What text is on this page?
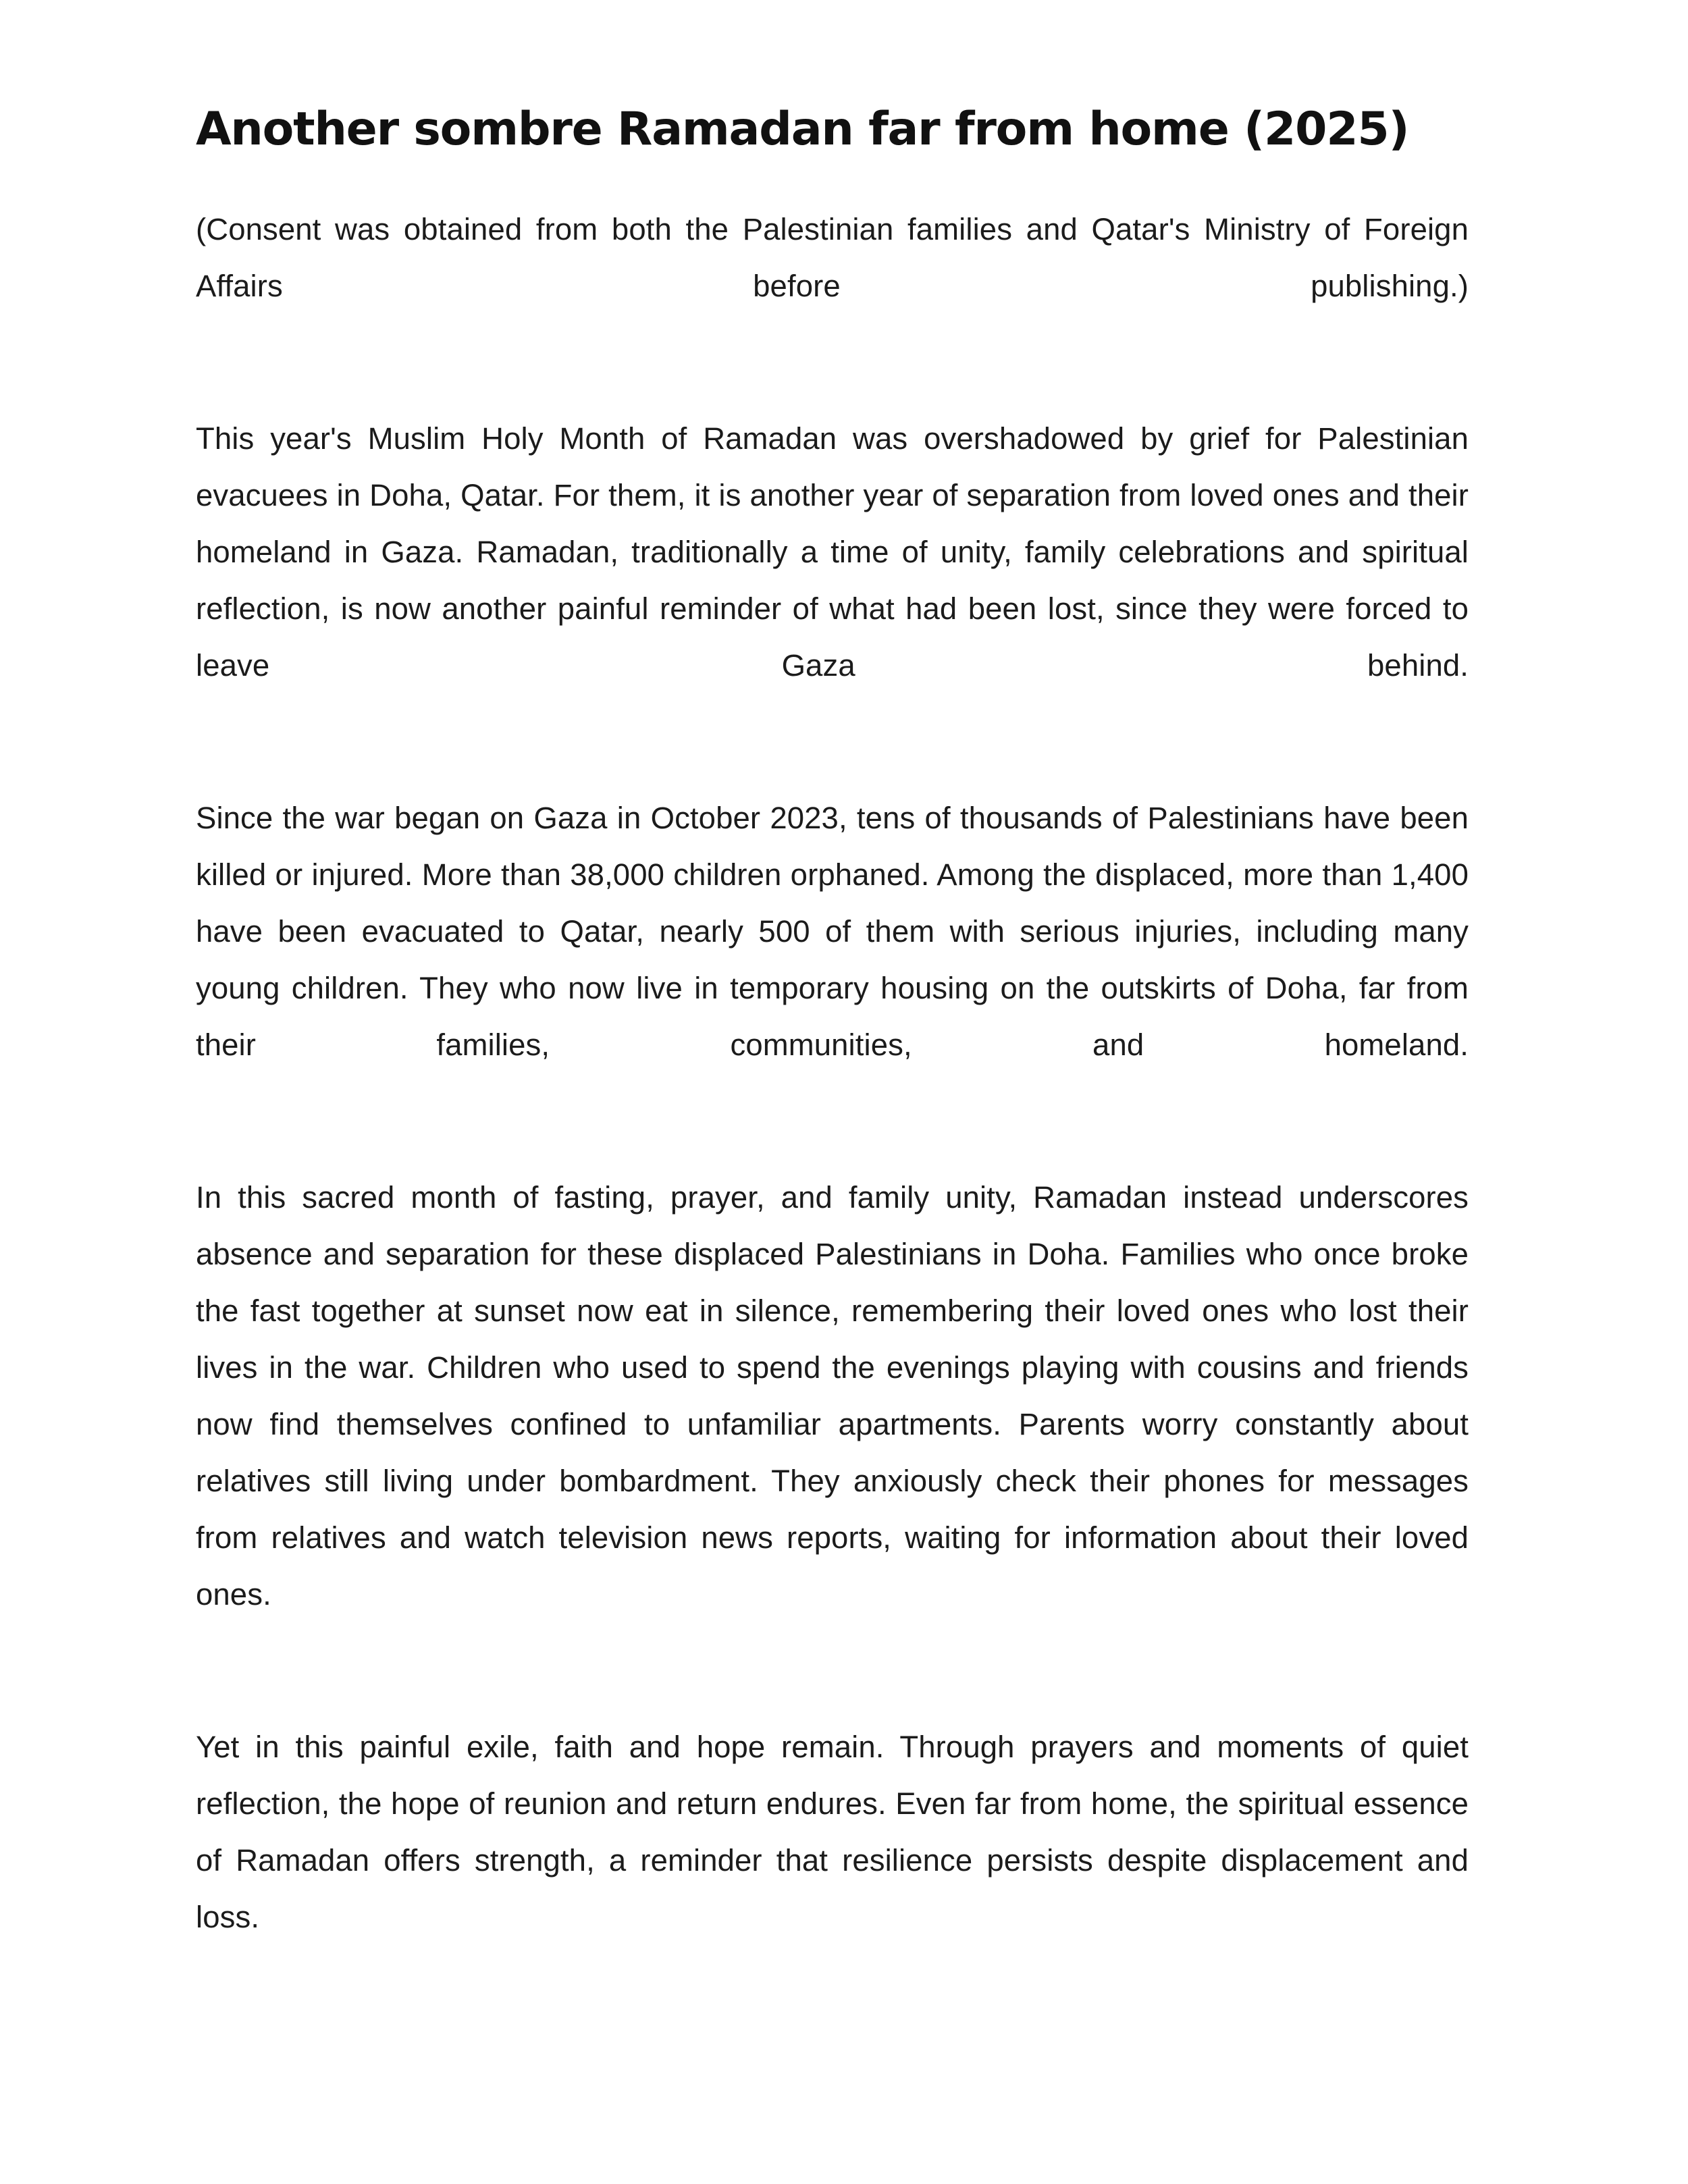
Another sombre Ramadan far from home (2025)

(Consent was obtained from both the Palestinian families and Qatar's Ministry of Foreign Affairs before publishing.)

This year's Muslim Holy Month of Ramadan was overshadowed by grief for Palestinian evacuees in Doha, Qatar. For them, it is another year of separation from loved ones and their homeland in Gaza. Ramadan, traditionally a time of unity, family celebrations and spiritual reflection, is now another painful reminder of what had been lost, since they were forced to leave Gaza behind.

Since the war began on Gaza in October 2023, tens of thousands of Palestinians have been killed or injured. More than 38,000 children orphaned. Among the displaced, more than 1,400 have been evacuated to Qatar, nearly 500 of them with serious injuries, including many young children. They who now live in temporary housing on the outskirts of Doha, far from their families, communities, and homeland.

In this sacred month of fasting, prayer, and family unity, Ramadan instead underscores absence and separation for these displaced Palestinians in Doha. Families who once broke the fast together at sunset now eat in silence, remembering their loved ones who lost their lives in the war. Children who used to spend the evenings playing with cousins and friends now find themselves confined to unfamiliar apartments. Parents worry constantly about relatives still living under bombardment. They anxiously check their phones for messages from relatives and watch television news reports, waiting for information about their loved ones.

Yet in this painful exile, faith and hope remain. Through prayers and moments of quiet reflection, the hope of reunion and return endures. Even far from home, the spiritual essence of Ramadan offers strength, a reminder that resilience persists despite displacement and loss.
